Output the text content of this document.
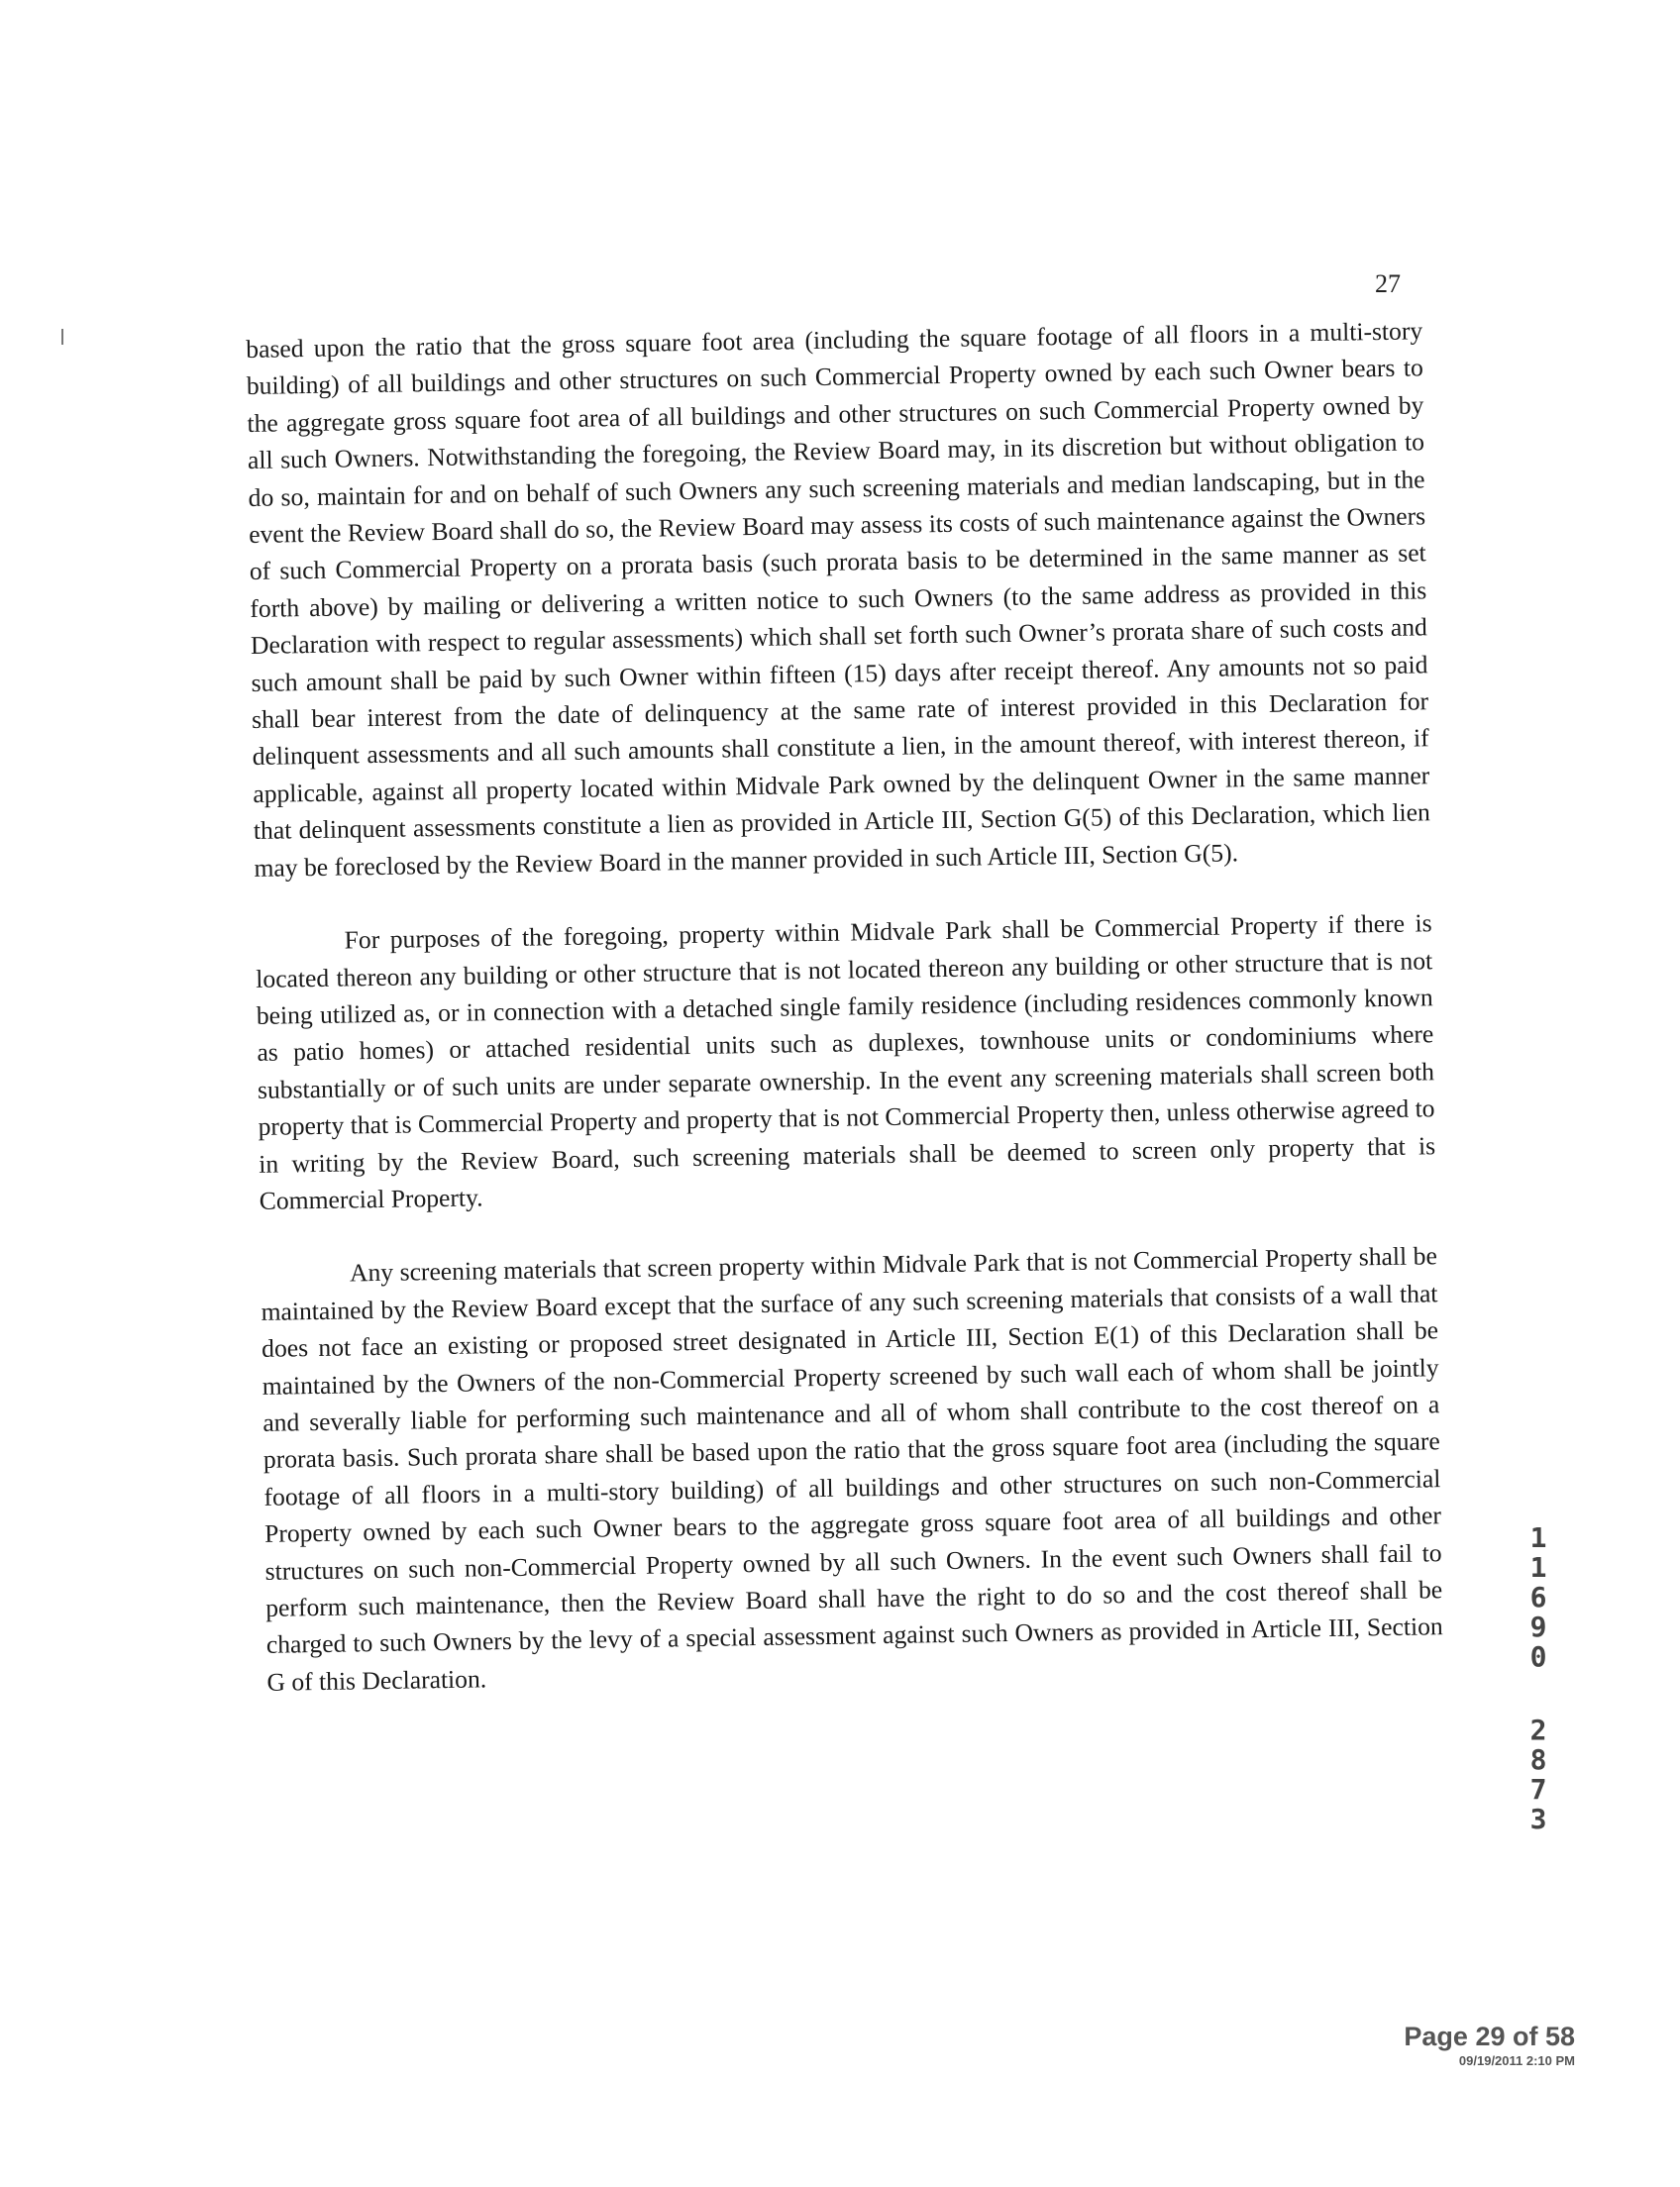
27

based upon the ratio that the gross square foot area (including the square footage of all floors in a multi-story building) of all buildings and other structures on such Commercial Property owned by each such Owner bears to the aggregate gross square foot area of all buildings and other structures on such Commercial Property owned by all such Owners. Notwithstanding the foregoing, the Review Board may, in its discretion but without obligation to do so, maintain for and on behalf of such Owners any such screening materials and median landscaping, but in the event the Review Board shall do so, the Review Board may assess its costs of such maintenance against the Owners of such Commercial Property on a prorata basis (such prorata basis to be determined in the same manner as set forth above) by mailing or delivering a written notice to such Owners (to the same address as provided in this Declaration with respect to regular assessments) which shall set forth such Owner’s prorata share of such costs and such amount shall be paid by such Owner within fifteen (15) days after receipt thereof. Any amounts not so paid shall bear interest from the date of delinquency at the same rate of interest provided in this Declaration for delinquent assessments and all such amounts shall constitute a lien, in the amount thereof, with interest thereon, if applicable, against all property located within Midvale Park owned by the delinquent Owner in the same manner that delinquent assessments constitute a lien as provided in Article III, Section G(5) of this Declaration, which lien may be foreclosed by the Review Board in the manner provided in such Article III, Section G(5).

For purposes of the foregoing, property within Midvale Park shall be Commercial Property if there is located thereon any building or other structure that is not located thereon any building or other structure that is not being utilized as, or in connection with a detached single family residence (including residences commonly known as patio homes) or attached residential units such as duplexes, townhouse units or condominiums where substantially or of such units are under separate ownership. In the event any screening materials shall screen both property that is Commercial Property and property that is not Commercial Property then, unless otherwise agreed to in writing by the Review Board, such screening materials shall be deemed to screen only property that is Commercial Property.

Any screening materials that screen property within Midvale Park that is not Commercial Property shall be maintained by the Review Board except that the surface of any such screening materials that consists of a wall that does not face an existing or proposed street designated in Article III, Section E(1) of this Declaration shall be maintained by the Owners of the non-Commercial Property screened by such wall each of whom shall be jointly and severally liable for performing such maintenance and all of whom shall contribute to the cost thereof on a prorata basis. Such prorata share shall be based upon the ratio that the gross square foot area (including the square footage of all floors in a multi-story building) of all buildings and other structures on such non-Commercial Property owned by each such Owner bears to the aggregate gross square foot area of all buildings and other structures on such non-Commercial Property owned by all such Owners. In the event such Owners shall fail to perform such maintenance, then the Review Board shall have the right to do so and the cost thereof shall be charged to such Owners by the levy of a special assessment against such Owners as provided in Article III, Section G of this Declaration.

1
1
6
9
0
2
8
7
3
Page 29 of 58
09/19/2011 2:10 PM
